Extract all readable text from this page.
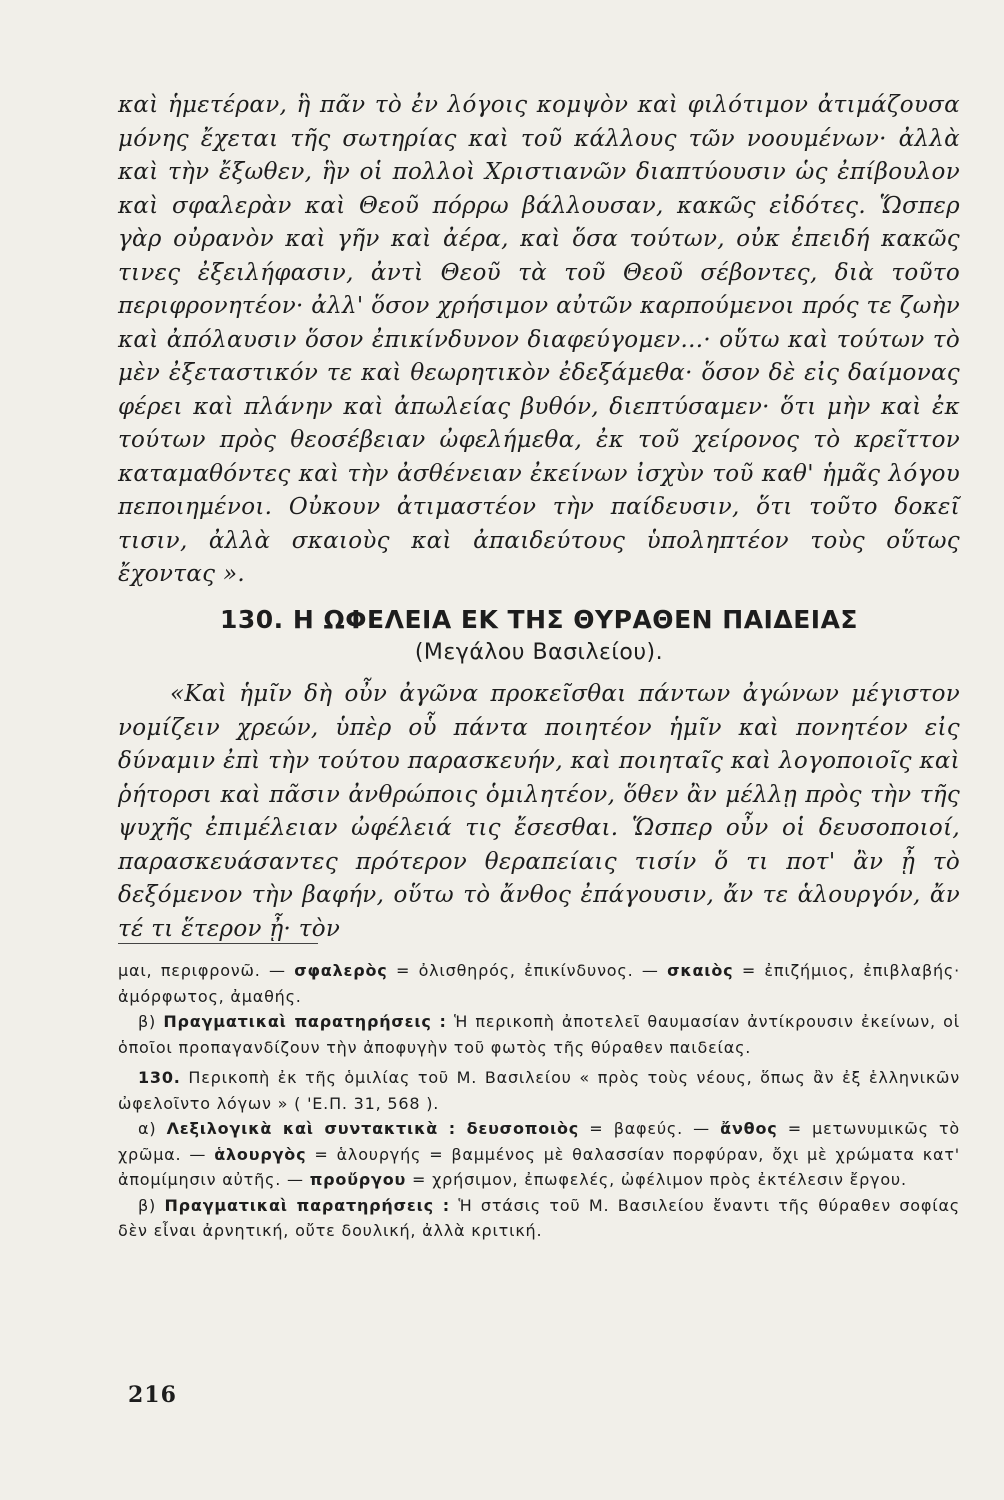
καὶ ἡμετέραν, ἣ πᾶν τὸ ἐν λόγοις κομψὸν καὶ φιλότιμον ἀτιμάζουσα μόνης ἔχεται τῆς σωτηρίας καὶ τοῦ κάλλους τῶν νοουμένων· ἀλλὰ καὶ τὴν ἔξωθεν, ἣν οἱ πολλοὶ Χριστιανῶν διαπτύουσιν ὡς ἐπίβουλον καὶ σφαλερὰν καὶ Θεοῦ πόρρω βάλλουσαν, κακῶς εἰδότες. Ὥσπερ γὰρ οὐρανὸν καὶ γῆν καὶ ἀέρα, καὶ ὅσα τούτων, οὐκ ἐπειδή κακῶς τινες ἐξειλήφασιν, ἀντὶ Θεοῦ τὰ τοῦ Θεοῦ σέβοντες, διὰ τοῦτο περιφρονητέον· ἀλλ' ὅσον χρήσιμον αὐτῶν καρπούμενοι πρός τε ζωὴν καὶ ἀπόλαυσιν ὅσον ἐπικίνδυνον διαφεύγομεν...· οὕτω καὶ τούτων τὸ μὲν ἐξεταστικόν τε καὶ θεωρητικὸν ἐδεξάμεθα· ὅσον δὲ εἰς δαίμονας φέρει καὶ πλάνην καὶ ἀπωλείας βυθόν, διεπτύσαμεν· ὅτι μὴν καὶ ἐκ τούτων πρὸς θεοσέβειαν ὠφελήμεθα, ἐκ τοῦ χείρονος τὸ κρεῖττον καταμαθόντες καὶ τὴν ἀσθένειαν ἐκείνων ἰσχὺν τοῦ καθ' ἡμᾶς λόγου πεποιημένοι. Οὐκουν ἀτιμαστέον τὴν παίδευσιν, ὅτι τοῦτο δοκεῖ τισιν, ἀλλὰ σκαιοὺς καὶ ἀπαιδεύτους ὑποληπτέον τοὺς οὕτως ἔχοντας ».

130. Η ΩΦΕΛΕΙΑ ΕΚ ΤΗΣ ΘΥΡΑΘΕΝ ΠΑΙΔΕΙΑΣ
(Μεγάλου Βασιλείου).

«Καὶ ἡμῖν δὴ οὖν ἀγῶνα προκεῖσθαι πάντων ἀγώνων μέγιστον νομίζειν χρεών, ὑπὲρ οὗ πάντα ποιητέον ἡμῖν καὶ πονητέον εἰς δύναμιν ἐπὶ τὴν τούτου παρασκευήν, καὶ ποιηταῖς καὶ λογοποιοῖς καὶ ῥήτορσι καὶ πᾶσιν ἀνθρώποις ὁμιλητέον, ὅθεν ἂν μέλλῃ πρὸς τὴν τῆς ψυχῆς ἐπιμέλειαν ὠφέλειά τις ἔσεσθαι. Ὥσπερ οὖν οἱ δευσοποιοί, παρασκευάσαντες πρότερον θεραπείαις τισίν ὅ τι ποτ' ἂν ᾖ τὸ δεξόμενον τὴν βαφήν, οὕτω τὸ ἄνθος ἐπάγουσιν, ἄν τε ἁλουργόν, ἄν τέ τι ἕτερον ᾖ· τὸν

μαι, περιφρονῶ. — σφαλερὸς = ὀλισθηρός, ἐπικίνδυνος. — σκαιὸς = ἐπιζήμιος, ἐπιβλαβής· ἀμόρφωτος, ἀμαθής.

β) Πραγματικαὶ παρατηρήσεις : Ἡ περικοπὴ ἀποτελεῖ θαυμασίαν ἀντίκρουσιν ἐκείνων, οἱ ὁποῖοι προπαγανδίζουν τὴν ἀποφυγὴν τοῦ φωτὸς τῆς θύραθεν παιδείας.

130. Περικοπὴ ἐκ τῆς ὁμιλίας τοῦ Μ. Βασιλείου « πρὸς τοὺς νέους, ὅπως ἂν ἐξ ἑλληνικῶν ὠφελοῖντο λόγων » ( 'Ε.Π. 31, 568 ).

α) Λεξιλογικὰ καὶ συντακτικὰ : δευσοποιὸς = βαφεύς. — ἄνθος = μετωνυμικῶς τὸ χρῶμα. — ἁλουργὸς = ἁλουργής = βαμμένος μὲ θαλασσίαν πορφύραν, ὄχι μὲ χρώματα κατ' ἀπομίμησιν αὐτῆς. — προὔργου = χρήσιμον, ἐπωφελές, ὠφέλιμον πρὸς ἐκτέλεσιν ἔργου.

β) Πραγματικαὶ παρατηρήσεις : Ἡ στάσις τοῦ Μ. Βασιλείου ἔναντι τῆς θύραθεν σοφίας δὲν εἶναι ἀρνητική, οὔτε δουλική, ἀλλὰ κριτική.

216
